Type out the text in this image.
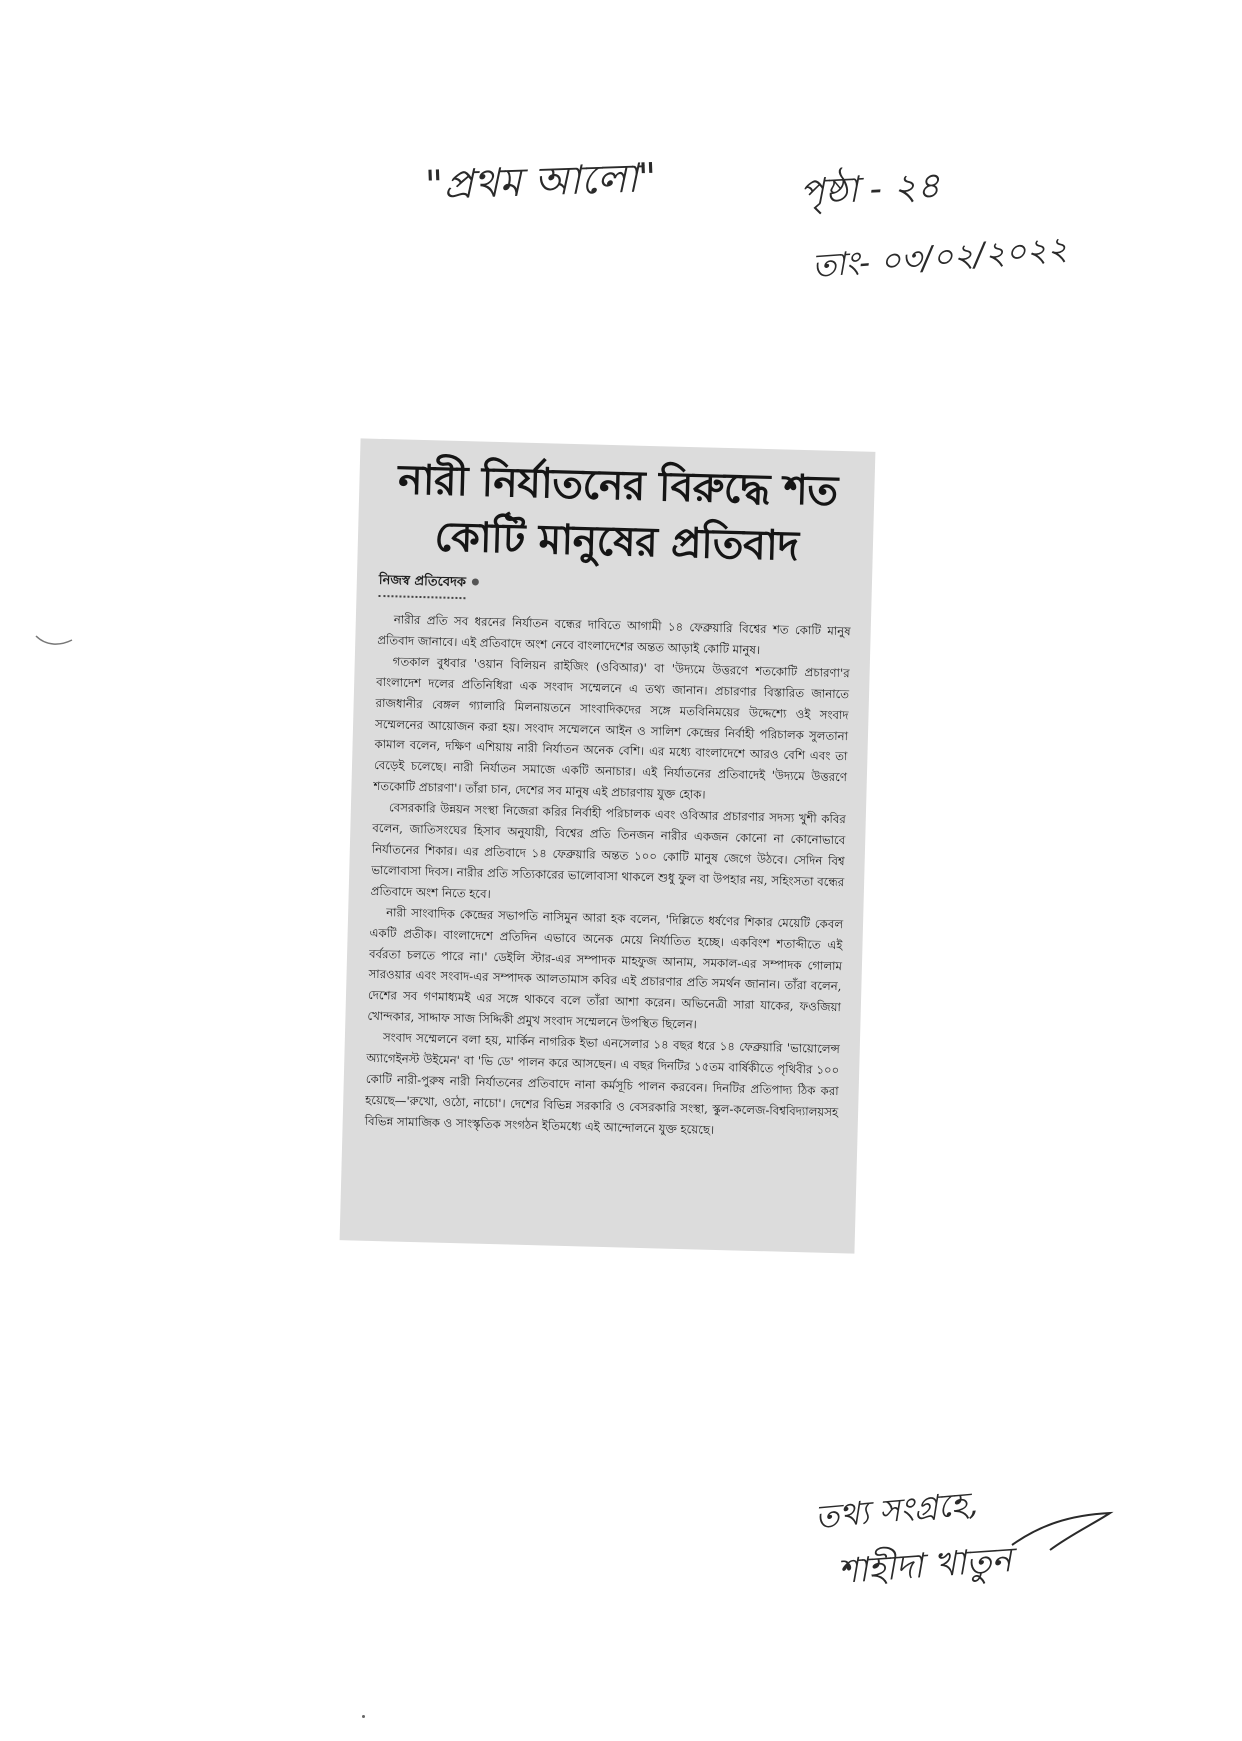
"প্রথম আলো"	পৃষ্ঠা - ২৪
তাং- ০৩/০২/২০২২
নারী নির্যাতনের বিরুদ্ধে শত কোটি মানুষের প্রতিবাদ
নিজস্ব প্রতিবেদক

নারীর প্রতি সব ধরনের নির্যাতন বন্ধের দাবিতে আগামী ১৪ ফেব্রুয়ারি বিশ্বের শত কোটি মানুষ প্রতিবাদ জানাবে। এই প্রতিবাদে অংশ নেবে বাংলাদেশের অন্তত আড়াই কোটি মানুষ।

গতকাল বুধবার 'ওয়ান বিলিয়ন রাইজিং (ওবিআর)' বা 'উদ্যমে উত্তরণে শতকোটি প্রচারণা'র বাংলাদেশ দলের প্রতিনিধিরা এক সংবাদ সম্মেলনে এ তথ্য জানান। প্রচারণার বিস্তারিত জানাতে রাজধানীর বেঙ্গল গ্যালারি মিলনায়তনে সাংবাদিকদের সঙ্গে মতবিনিময়ের উদ্দেশ্যে ওই সংবাদ সম্মেলনের আয়োজন করা হয়। সংবাদ সম্মেলনে আইন ও সালিশ কেন্দ্রের নির্বাহী পরিচালক সুলতানা কামাল বলেন, দক্ষিণ এশিয়ায় নারী নির্যাতন অনেক বেশি। এর মধ্যে বাংলাদেশে আরও বেশি এবং তা বেড়েই চলেছে। নারী নির্যাতন সমাজে একটি অনাচার। এই নির্যাতনের প্রতিবাদেই 'উদ্যমে উত্তরণে শতকোটি প্রচারণা'। তাঁরা চান, দেশের সব মানুষ এই প্রচারণায় যুক্ত হোক।

বেসরকারি উন্নয়ন সংস্থা নিজেরা করির নির্বাহী পরিচালক এবং ওবিআর প্রচারণার সদস্য খুশী কবির বলেন, জাতিসংঘের হিসাব অনুযায়ী, বিশ্বের প্রতি তিনজন নারীর একজন কোনো না কোনোভাবে নির্যাতনের শিকার। এর প্রতিবাদে ১৪ ফেব্রুয়ারি অন্তত ১০০ কোটি মানুষ জেগে উঠবে। সেদিন বিশ্ব ভালোবাসা দিবস। নারীর প্রতি সত্যিকারের ভালোবাসা থাকলে শুধু ফুল বা উপহার নয়, সহিংসতা বন্ধের প্রতিবাদে অংশ নিতে হবে।

নারী সাংবাদিক কেন্দ্রের সভাপতি নাসিমুন আরা হক বলেন, 'দিল্লিতে ধর্ষণের শিকার মেয়েটি কেবল একটি প্রতীক। বাংলাদেশে প্রতিদিন এভাবে অনেক মেয়ে নির্যাতিত হচ্ছে। একবিংশ শতাব্দীতে এই বর্বরতা চলতে পারে না।' ডেইলি স্টার-এর সম্পাদক মাহফুজ আনাম, সমকাল-এর সম্পাদক গোলাম সারওয়ার এবং সংবাদ-এর সম্পাদক আলতামাস কবির এই প্রচারণার প্রতি সমর্থন জানান। তাঁরা বলেন, দেশের সব গণমাধ্যমই এর সঙ্গে থাকবে বলে তাঁরা আশা করেন। অভিনেত্রী সারা যাকের, ফওজিয়া খোন্দকার, সাদ্দাফ সাজ সিদ্দিকী প্রমুখ সংবাদ সম্মেলনে উপস্থিত ছিলেন।

সংবাদ সম্মেলনে বলা হয়, মার্কিন নাগরিক ইভা এনসেলার ১৪ বছর ধরে ১৪ ফেব্রুয়ারি 'ভায়োলেন্স অ্যাগেইনস্ট উইমেন' বা 'ভি ডে' পালন করে আসছেন। এ বছর দিনটির ১৫তম বার্ষিকীতে পৃথিবীর ১০০ কোটি নারী-পুরুষ নারী নির্যাতনের প্রতিবাদে নানা কর্মসূচি পালন করবেন। দিনটির প্রতিপাদ্য ঠিক করা হয়েছে—'রুখো, ওঠো, নাচো'। দেশের বিভিন্ন সরকারি ও বেসরকারি সংস্থা, স্কুল-কলেজ-বিশ্ববিদ্যালয়সহ বিভিন্ন সামাজিক ও সাংস্কৃতিক সংগঠন ইতিমধ্যে এই আন্দোলনে যুক্ত হয়েছে।

তথ্য সংগ্রহে,
শাহীদা খাতুন
